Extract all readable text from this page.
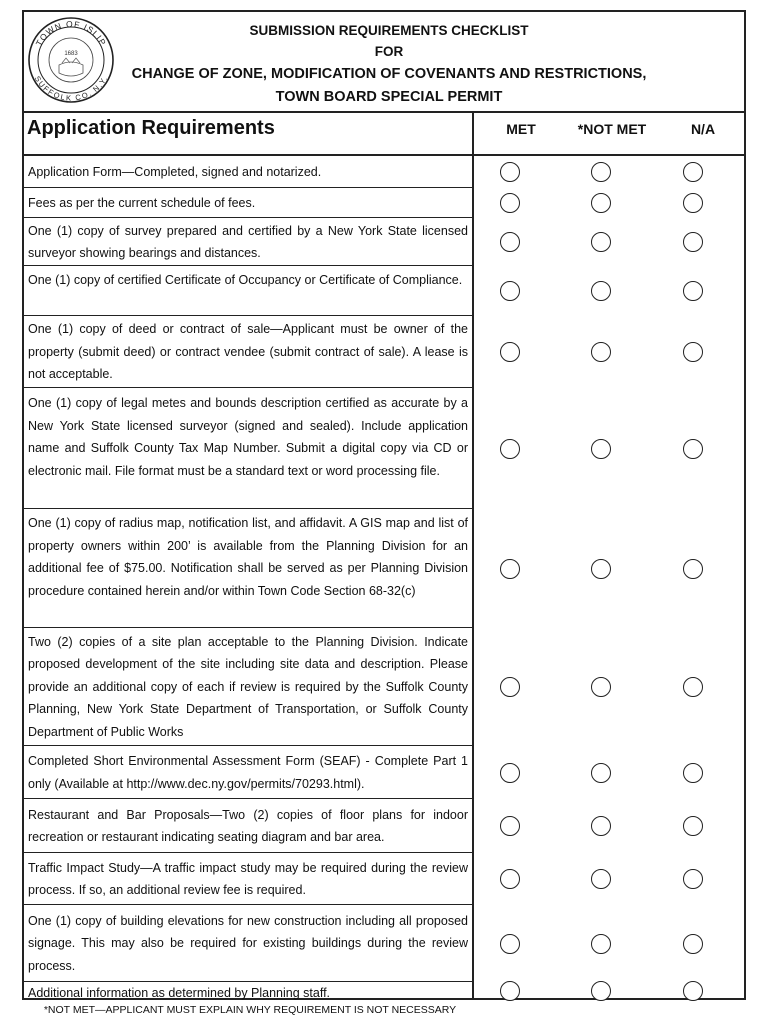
TOWN OF ISLIP
SUFFOLK CO. N.Y.
1683
SUBMISSION REQUIREMENTS CHECKLIST
FOR
CHANGE OF ZONE, MODIFICATION OF COVENANTS AND RESTRICTIONS,
TOWN BOARD SPECIAL PERMIT
Application Requirements	MET	*NOT MET	N/A
Application Form—Completed, signed and notarized.
Fees as per the current schedule of fees.
One (1) copy of survey prepared and certified by a New York State licensed surveyor showing bearings and distances.
One (1) copy of certified Certificate of Occupancy or Certificate of Compliance.
One (1) copy of deed or contract of sale—Applicant must be owner of the property (submit deed) or contract vendee (submit contract of sale). A lease is not acceptable.
One (1) copy of legal metes and bounds description certified as accurate by a New York State licensed surveyor (signed and sealed). Include application name and Suffolk County Tax Map Number. Submit a digital copy via CD or electronic mail. File format must be a standard text or word processing file.
One (1) copy of radius map, notification list, and affidavit. A GIS map and list of property owners within 200’ is available from the Planning Division for an additional fee of $75.00. Notification shall be served as per Planning Division procedure contained herein and/or within Town Code Section 68-32(c)
Two (2) copies of a site plan acceptable to the Planning Division. Indicate proposed development of the site including site data and description. Please provide an additional copy of each if review is required by the Suffolk County Planning, New York State Department of Transportation, or Suffolk County Department of Public Works
Completed Short Environmental Assessment Form (SEAF) - Complete Part 1 only (Available at http://www.dec.ny.gov/permits/70293.html).
Restaurant and Bar Proposals—Two (2) copies of floor plans for indoor recreation or restaurant indicating seating diagram and bar area.
Traffic Impact Study—A traffic impact study may be required during the review process. If so, an additional review fee is required.
One (1) copy of building elevations for new construction including all proposed signage. This may also be required for existing buildings during the review process.
Additional information as determined by Planning staff.
*NOT MET—APPLICANT MUST EXPLAIN WHY REQUIREMENT IS NOT NECESSARY
